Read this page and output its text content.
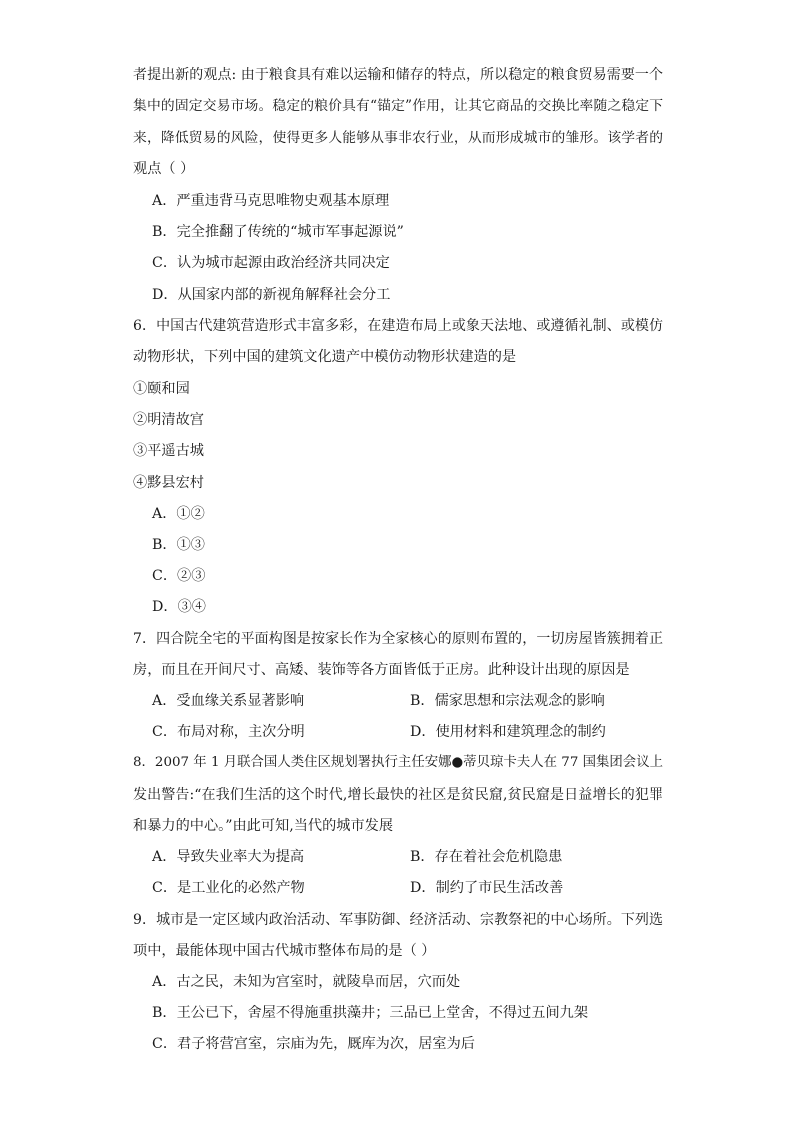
者提出新的观点: 由于粮食具有难以运输和储存的特点，所以稳定的粮食贸易需要一个
集中的固定交易市场。稳定的粮价具有“锚定”作用，让其它商品的交换比率随之稳定下
来，降低贸易的风险，使得更多人能够从事非农行业，从而形成城市的雏形。该学者的
观点（ ）
A．严重违背马克思唯物史观基本原理
B．完全推翻了传统的“城市军事起源说”
C．认为城市起源由政治经济共同决定
D．从国家内部的新视角解释社会分工
6．中国古代建筑营造形式丰富多彩，在建造布局上或象天法地、或遵循礼制、或模仿
动物形状，下列中国的建筑文化遗产中模仿动物形状建造的是
①颐和园
②明清故宫
③平遥古城
④黟县宏村
A．①②
B．①③
C．②③
D．③④
7．四合院全宅的平面构图是按家长作为全家核心的原则布置的，一切房屋皆簇拥着正
房，而且在开间尺寸、高矮、装饰等各方面皆低于正房。此种设计出现的原因是
A．受血缘关系显著影响	B．儒家思想和宗法观念的影响
C．布局对称，主次分明	D．使用材料和建筑理念的制约
8．2007 年 1 月联合国人类住区规划署执行主任安娜●蒂贝琼卡夫人在 77 国集团会议上
发出警告:“在我们生活的这个时代,增长最快的社区是贫民窟,贫民窟是日益增长的犯罪
和暴力的中心。”由此可知,当代的城市发展
A．导致失业率大为提高	B．存在着社会危机隐患
C．是工业化的必然产物	D．制约了市民生活改善
9．城市是一定区域内政治活动、军事防御、经济活动、宗教祭祀的中心场所。下列选
项中，最能体现中国古代城市整体布局的是（ ）
A．古之民，未知为宫室时，就陵阜而居，穴而处
B．王公已下，舍屋不得施重拱藻井；三品已上堂舍，不得过五间九架
C．君子将营宫室，宗庙为先，厩库为次，居室为后
